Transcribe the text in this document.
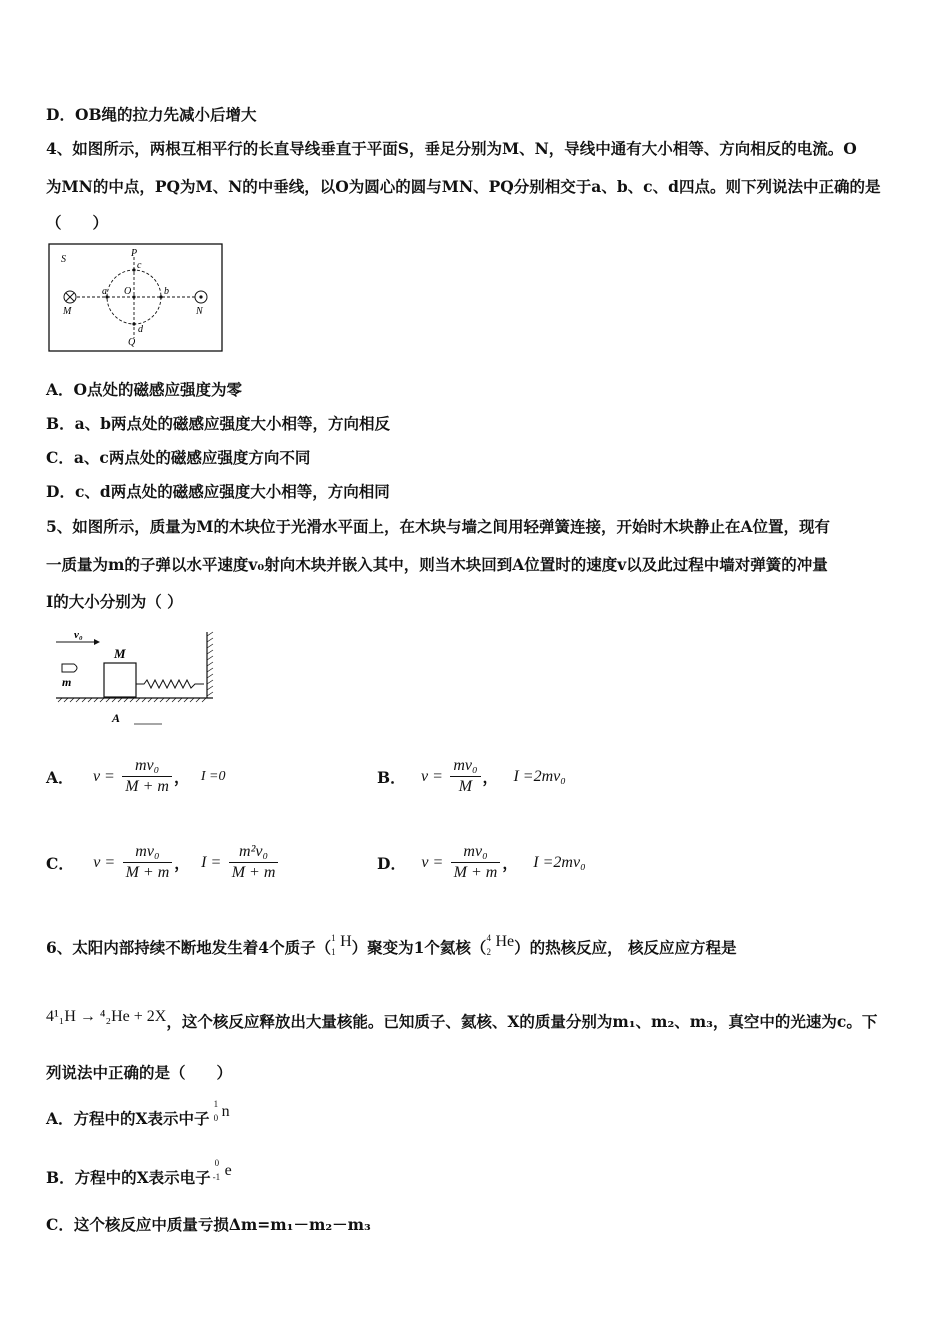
D．OB绳的拉力先减小后增大
4、如图所示，两根互相平行的长直导线垂直于平面S，垂足分别为M、N，导线中通有大小相等、方向相反的电流。O
为MN的中点，PQ为M、N的中垂线，以O为圆心的圆与MN、PQ分别相交于a、b、c、d四点。则下列说法中正确的是
（　　）
S
P
c
a O	b
M	N
d
Q
A．O点处的磁感应强度为零
B．a、b两点处的磁感应强度大小相等，方向相反
C．a、c两点处的磁感应强度方向不同
D．c、d两点处的磁感应强度大小相等，方向相同
5、如图所示，质量为M的木块位于光滑水平面上，在木块与墙之间用轻弹簧连接，开始时木块静止在A位置，现有
一质量为m的子弹以水平速度v₀射向木块并嵌入其中，则当木块回到A位置时的速度v以及此过程中墙对弹簧的冲量
I的大小分别为（ ）
v₀
m
M
A
A． $v = \frac{\text{mv₀}}{M + m}$ ， I =0	B． $v = \frac{\text{mv₀}}{M}$ ， I =2mv₀
C． $v = \frac{\text{mv₀}}{M + m}$ ， $I = \frac{\text{m²v₀}}{M + m}$	D． $v = \frac{\text{mv₀}}{M + m}$ ， I =2mv₀
6、太阳内部持续不断地发生着4个质子（ 1
1
H）聚变为1个氦核（ 4
2
He）的热核反应， 核反应应方程是
4¹₁H → ⁴₂He + 2X，这个核反应释放出大量核能。已知质子、氦核、X的质量分别为m₁、m₂、m₃，真空中的光速为c。下
列说法中正确的是（　　）
A．方程中的X表示中子
1
0 n
B．方程中的X表示电子
0
-1 e
C．这个核反应中质量亏损Δm=m₁－m₂－m₃
